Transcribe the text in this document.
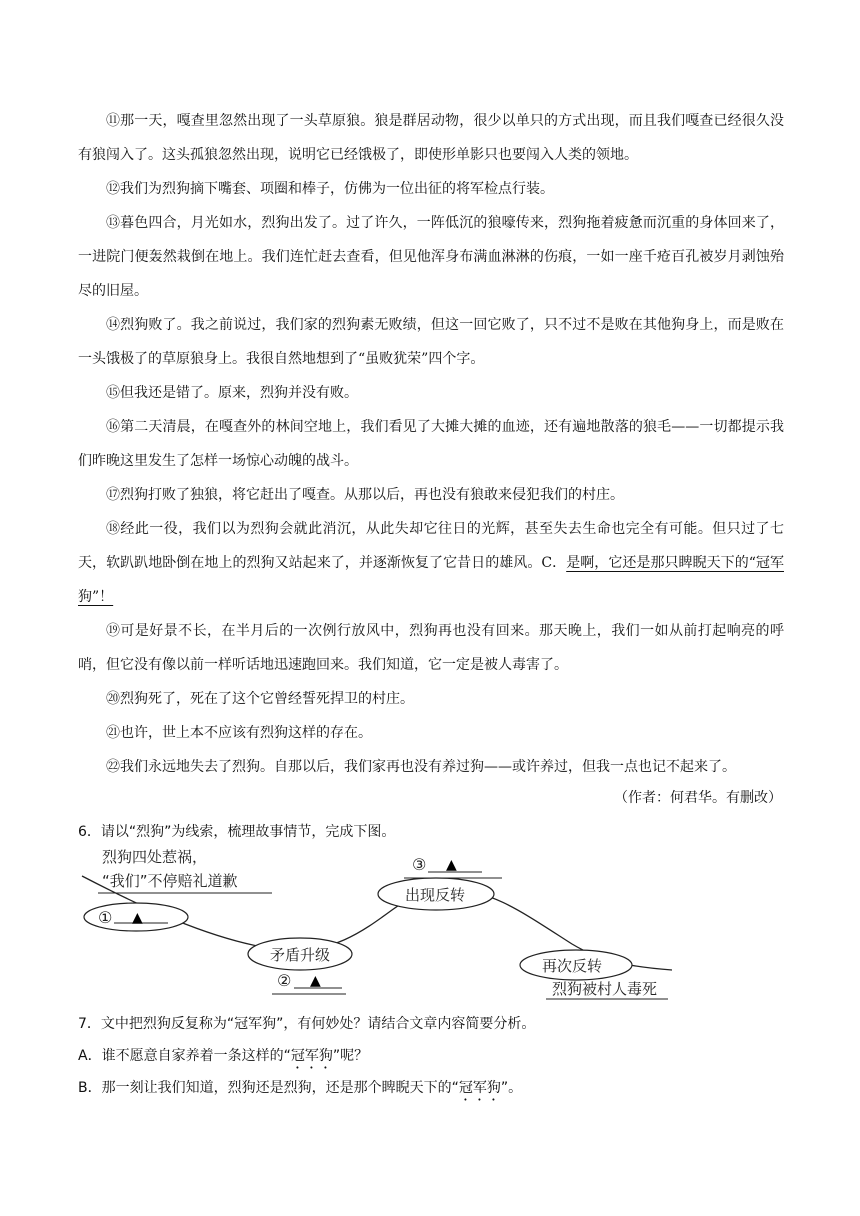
⑪那一天，嘎查里忽然出现了一头草原狼。狼是群居动物，很少以单只的方式出现，而且我们嘎查已经很久没有狼闯入了。这头孤狼忽然出现，说明它已经饿极了，即使形单影只也要闯入人类的领地。

⑫我们为烈狗摘下嘴套、项圈和棒子，仿佛为一位出征的将军检点行装。

⑬暮色四合，月光如水，烈狗出发了。过了许久，一阵低沉的狼嚎传来，烈狗拖着疲惫而沉重的身体回来了，一进院门便轰然栽倒在地上。我们连忙赶去查看，但见他浑身布满血淋淋的伤痕，一如一座千疮百孔被岁月剥蚀殆尽的旧屋。

⑭烈狗败了。我之前说过，我们家的烈狗素无败绩，但这一回它败了，只不过不是败在其他狗身上，而是败在一头饿极了的草原狼身上。我很自然地想到了“虽败犹荣”四个字。

⑮但我还是错了。原来，烈狗并没有败。

⑯第二天清晨，在嘎查外的林间空地上，我们看见了大摊大摊的血迹，还有遍地散落的狼毛——一切都提示我们昨晚这里发生了怎样一场惊心动魄的战斗。

⑰烈狗打败了独狼，将它赶出了嘎查。从那以后，再也没有狼敢来侵犯我们的村庄。

⑱经此一役，我们以为烈狗会就此消沉，从此失却它往日的光辉，甚至失去生命也完全有可能。但只过了七天，软趴趴地卧倒在地上的烈狗又站起来了，并逐渐恢复了它昔日的雄风。C．是啊，它还是那只睥睨天下的“冠军狗”！

⑲可是好景不长，在半月后的一次例行放风中，烈狗再也没有回来。那天晚上，我们一如从前打起响亮的呼哨，但它没有像以前一样听话地迅速跑回来。我们知道，它一定是被人毒害了。

⑳烈狗死了，死在了这个它曾经誓死捍卫的村庄。

㉑也许，世上本不应该有烈狗这样的存在。

㉒我们永远地失去了烈狗。自那以后，我们家再也没有养过狗——或许养过，但我一点也记不起来了。

（作者：何君华。有删改）
6．请以“烈狗”为线索，梳理故事情节，完成下图。
烈狗四处惹祸，
“我们”不停赔礼道歉
① ▲
矛盾升级
② ▲
③ ▲
出现反转
再次反转
烈狗被村人毒死
7．文中把烈狗反复称为“冠军狗”，有何妙处？请结合文章内容简要分析。
A．谁不愿意自家养着一条这样的“冠军狗”呢？
B．那一刻让我们知道，烈狗还是烈狗，还是那个睥睨天下的“冠军狗”。
